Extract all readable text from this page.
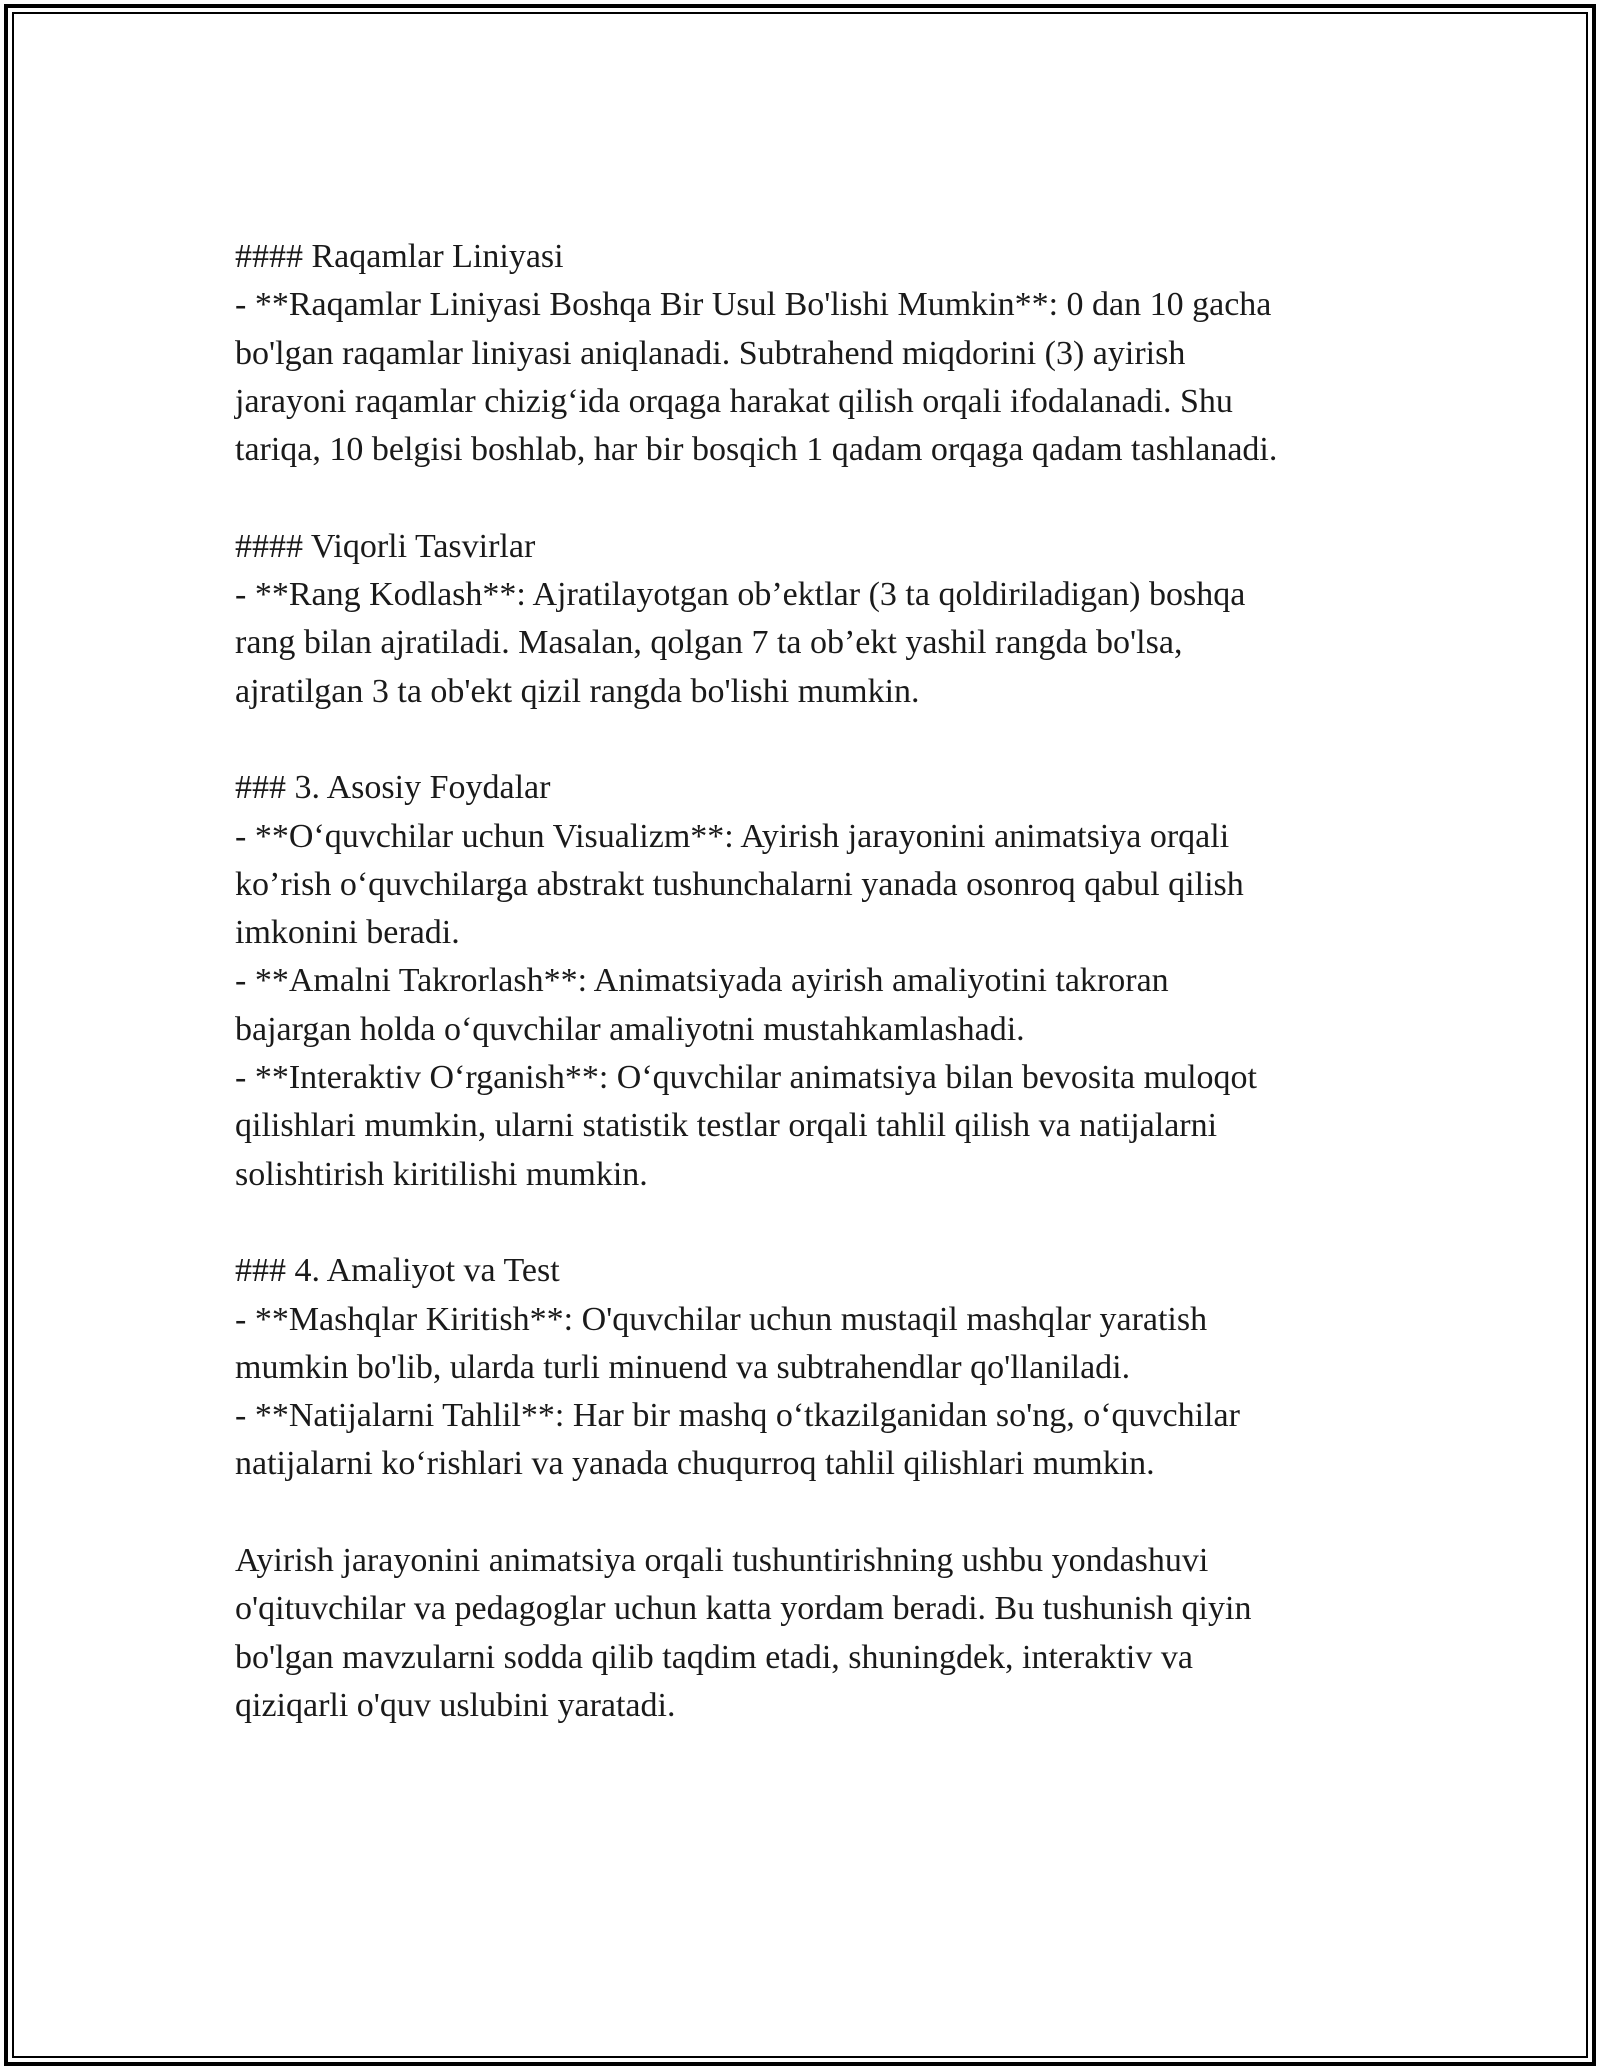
#### Raqamlar Liniyasi
- **Raqamlar Liniyasi Boshqa Bir Usul Bo'lishi Mumkin**: 0 dan 10 gacha
bo'lgan raqamlar liniyasi aniqlanadi. Subtrahend miqdorini (3) ayirish
jarayoni raqamlar chizig‘ida orqaga harakat qilish orqali ifodalanadi. Shu
tariqa, 10 belgisi boshlab, har bir bosqich 1 qadam orqaga qadam tashlanadi.
#### Viqorli Tasvirlar
- **Rang Kodlash**: Ajratilayotgan ob’ektlar (3 ta qoldiriladigan) boshqa
rang bilan ajratiladi. Masalan, qolgan 7 ta ob’ekt yashil rangda bo'lsa,
ajratilgan 3 ta ob'ekt qizil rangda bo'lishi mumkin.
### 3. Asosiy Foydalar
- **O‘quvchilar uchun Visualizm**: Ayirish jarayonini animatsiya orqali
ko’rish o‘quvchilarga abstrakt tushunchalarni yanada osonroq qabul qilish
imkonini beradi.
- **Amalni Takrorlash**: Animatsiyada ayirish amaliyotini takroran
bajargan holda o‘quvchilar amaliyotni mustahkamlashadi.
- **Interaktiv O‘rganish**: O‘quvchilar animatsiya bilan bevosita muloqot
qilishlari mumkin, ularni statistik testlar orqali tahlil qilish va natijalarni
solishtirish kiritilishi mumkin.
### 4. Amaliyot va Test
- **Mashqlar Kiritish**: O'quvchilar uchun mustaqil mashqlar yaratish
mumkin bo'lib, ularda turli minuend va subtrahendlar qo'llaniladi.
- **Natijalarni Tahlil**: Har bir mashq o‘tkazilganidan so'ng, o‘quvchilar
natijalarni ko‘rishlari va yanada chuqurroq tahlil qilishlari mumkin.
Ayirish jarayonini animatsiya orqali tushuntirishning ushbu yondashuvi
o'qituvchilar va pedagoglar uchun katta yordam beradi. Bu tushunish qiyin
bo'lgan mavzularni sodda qilib taqdim etadi, shuningdek, interaktiv va
qiziqarli o'quv uslubini yaratadi.
